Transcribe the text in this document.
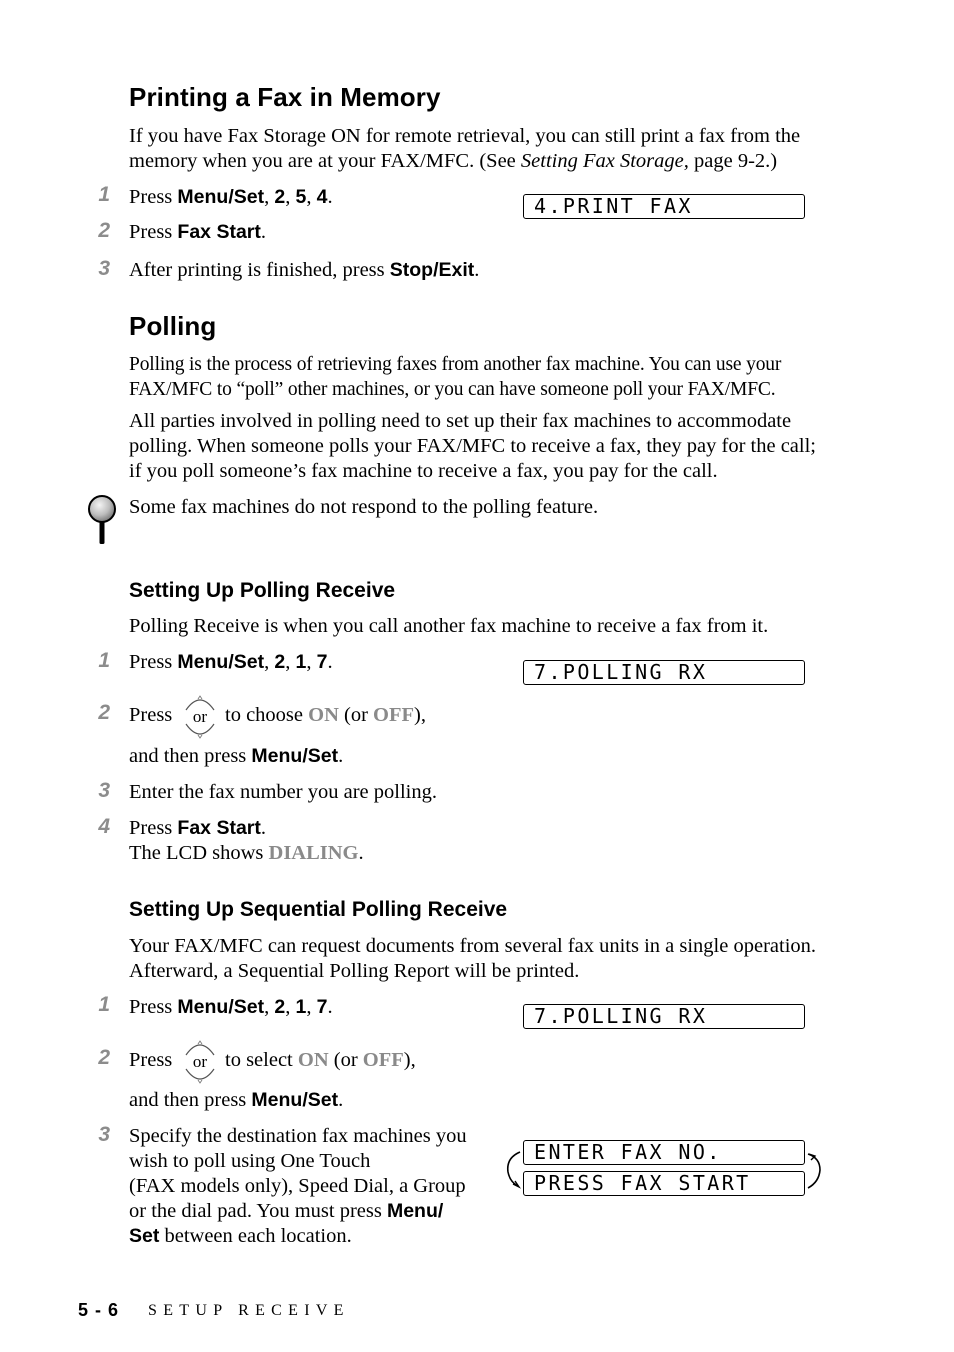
Printing a Fax in Memory

If you have Fax Storage ON for remote retrieval, you can still print a fax from the memory when you are at your FAX/MFC. (See Setting Fax Storage, page 9-2.)

1 Press Menu/Set, 2, 5, 4.	4.PRINT FAX
2 Press Fax Start.

3 After printing is finished, press Stop/Exit.

Polling

Polling is the process of retrieving faxes from another fax machine. You can use your FAX/MFC to “poll” other machines, or you can have someone poll your FAX/MFC.

All parties involved in polling need to set up their fax machines to accommodate polling. When someone polls your FAX/MFC to receive a fax, they pay for the call; if you poll someone’s fax machine to receive a fax, you pay for the call.

Some fax machines do not respond to the polling feature.

Setting Up Polling Receive

Polling Receive is when you call another fax machine to receive a fax from it.

1 Press Menu/Set, 2, 1, 7.	7.POLLING RX
2 Press or to choose ON (or OFF),

and then press Menu/Set.

3 Enter the fax number you are polling.

4 Press Fax Start.

The LCD shows DIALING.

Setting Up Sequential Polling Receive

Your FAX/MFC can request documents from several fax units in a single operation. Afterward, a Sequential Polling Report will be printed.

1 Press Menu/Set, 2, 1, 7.	7.POLLING RX
2 Press or to select ON (or OFF),

and then press Menu/Set.

3 Specify the destination fax machines you

wish to poll using One Touch

(FAX models only), Speed Dial, a Group

or the dial pad. You must press Menu/

Set between each location.

ENTER FAX NO.
PRESS FAX START
5 - 6 SETUP RECEIVE
